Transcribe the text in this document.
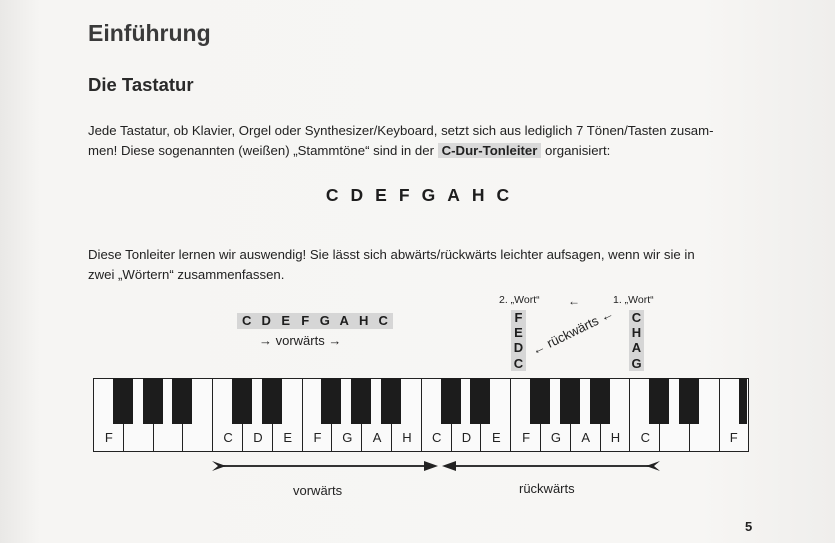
Einführung
Die Tastatur
Jede Tastatur, ob Klavier, Orgel oder Synthesizer/Keyboard, setzt sich aus lediglich 7 Tönen/Tasten zusam-
men! Diese sogenannten (weißen) „Stammtöne“ sind in der C-Dur-Tonleiter organisiert:
C D E F G A H C
Diese Tonleiter lernen wir auswendig! Sie lässt sich abwärts/rückwärts leichter aufsagen, wenn wir sie in
zwei „Wörtern“ zusammenfassen.
C D E F G A H C
→ vorwärts →
2. „Wort“ ←	1. „Wort“
F
E
D
C
C
H
A
G
← rückwärts ←
F	C	D	E	F	G	A	H	C	D	E	F	G	A	H	C	F
vorwärts	rückwärts
5
